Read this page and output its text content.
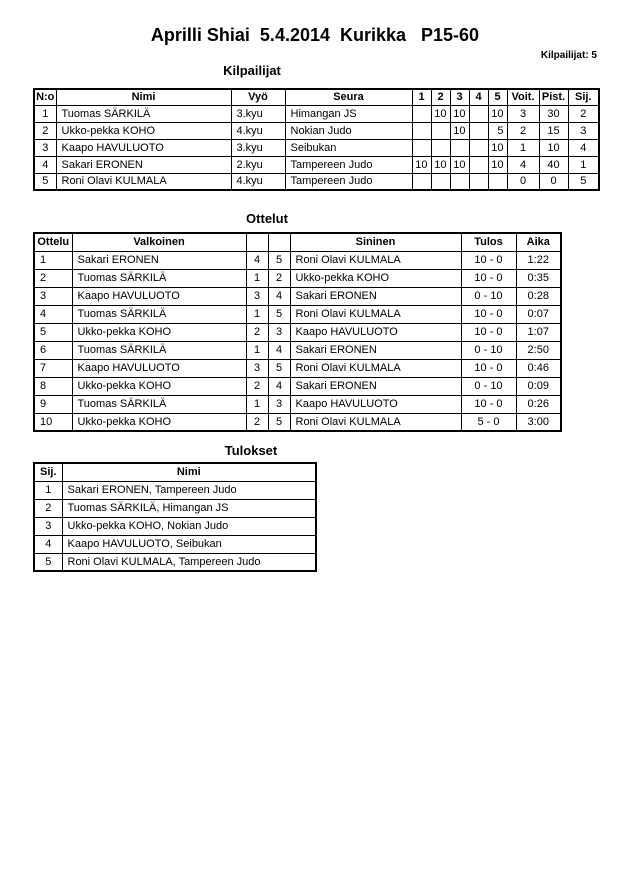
Aprilli Shiai  5.4.2014  Kurikka   P15-60
Kilpailijat: 5
Kilpailijat
N:o	Nimi	Vyö	Seura	1	2	3	4	5	Voit.	Pist.	Sij.
1	Tuomas SÄRKILÄ	3.kyu	Himangan JS		10	10		10	3	30	2
2	Ukko-pekka KOHO	4.kyu	Nokian Judo			10		5	2	15	3
3	Kaapo HAVULUOTO	3.kyu	Seibukan					10	1	10	4
4	Sakari ERONEN	2.kyu	Tampereen Judo	10	10	10		10	4	40	1
5	Roni Olavi KULMALA	4.kyu	Tampereen Judo						0	0	5
Ottelut
Ottelu	Valkoinen			Sininen	Tulos	Aika
1	Sakari ERONEN	4	5	Roni Olavi KULMALA	10 - 0	1:22
2	Tuomas SÄRKILÄ	1	2	Ukko-pekka KOHO	10 - 0	0:35
3	Kaapo HAVULUOTO	3	4	Sakari ERONEN	0 - 10	0:28
4	Tuomas SÄRKILÄ	1	5	Roni Olavi KULMALA	10 - 0	0:07
5	Ukko-pekka KOHO	2	3	Kaapo HAVULUOTO	10 - 0	1:07
6	Tuomas SÄRKILÄ	1	4	Sakari ERONEN	0 - 10	2:50
7	Kaapo HAVULUOTO	3	5	Roni Olavi KULMALA	10 - 0	0:46
8	Ukko-pekka KOHO	2	4	Sakari ERONEN	0 - 10	0:09
9	Tuomas SÄRKILÄ	1	3	Kaapo HAVULUOTO	10 - 0	0:26
10	Ukko-pekka KOHO	2	5	Roni Olavi KULMALA	5 - 0	3:00
Tulokset
Sij.	Nimi
1	Sakari ERONEN, Tampereen Judo
2	Tuomas SÄRKILÄ, Himangan JS
3	Ukko-pekka KOHO, Nokian Judo
4	Kaapo HAVULUOTO, Seibukan
5	Roni Olavi KULMALA, Tampereen Judo
